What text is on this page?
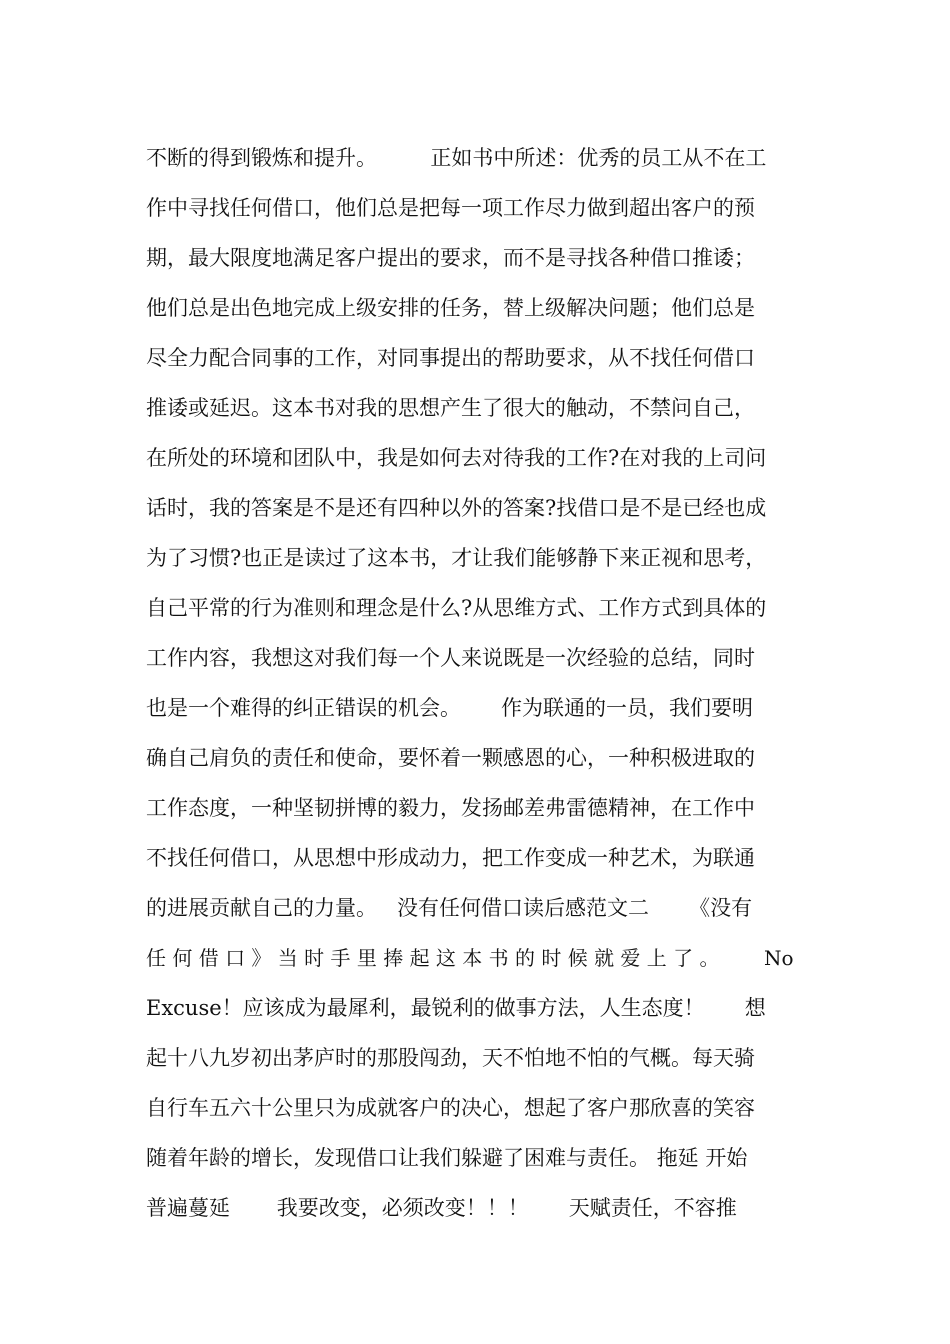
不断的得到锻炼和提升。        正如书中所述：优秀的员工从不在工
作中寻找任何借口，他们总是把每一项工作尽力做到超出客户的预
期，最大限度地满足客户提出的要求，而不是寻找各种借口推诿；
他们总是出色地完成上级安排的任务，替上级解决问题；他们总是
尽全力配合同事的工作，对同事提出的帮助要求，从不找任何借口
推诿或延迟。这本书对我的思想产生了很大的触动，不禁问自己，
在所处的环境和团队中，我是如何去对待我的工作?在对我的上司问
话时，我的答案是不是还有四种以外的答案?找借口是不是已经也成
为了习惯?也正是读过了这本书，才让我们能够静下来正视和思考，
自己平常的行为准则和理念是什么?从思维方式、工作方式到具体的
工作内容，我想这对我们每一个人来说既是一次经验的总结，同时
也是一个难得的纠正错误的机会。      作为联通的一员，我们要明
确自己肩负的责任和使命，要怀着一颗感恩的心，一种积极进取的
工作态度，一种坚韧拼博的毅力，发扬邮差弗雷德精神，在工作中
不找任何借口，从思想中形成动力，把工作变成一种艺术，为联通
的进展贡献自己的力量。   没有任何借口读后感范文二      《没有
任 何 借 口 》 当 时 手 里 捧 起 这 本 书 的 时 候 就 爱 上 了 。       No
Excuse！应该成为最犀利，最锐利的做事方法，人生态度！      想
起十八九岁初出茅庐时的那股闯劲，天不怕地不怕的气概。每天骑
自行车五六十公里只为成就客户的决心，想起了客户那欣喜的笑容
随着年龄的增长，发现借口让我们躲避了困难与责任。 拖延 开始
普遍蔓延       我要改变，必须改变！！！      天赋责任，不容推
